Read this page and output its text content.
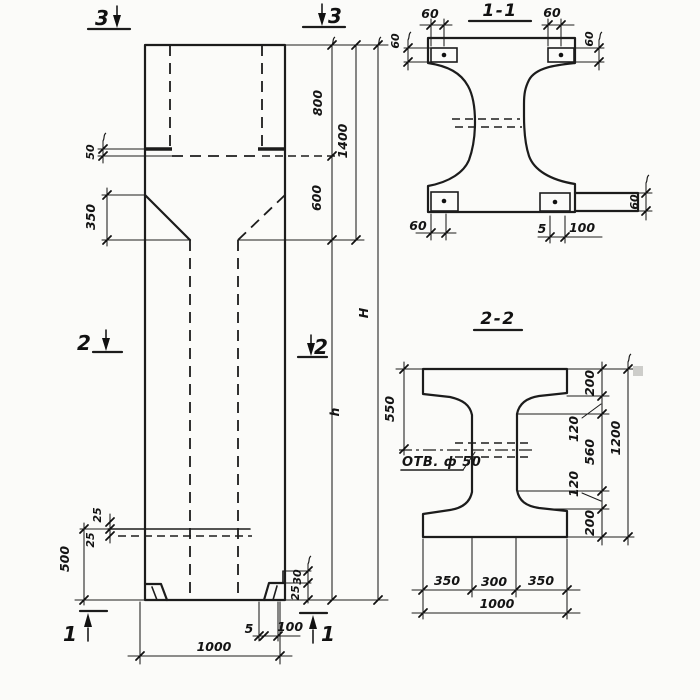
50
350
800
600
1400
H
h
500
25
25
30
25
5 100
1000
3	3
2	2
1	1
1-1
60
60
60
60
60	5 100
60
2-2
ОТВ. ф 50
550
200
120
560
120
200
1200
350 300 350
1000
